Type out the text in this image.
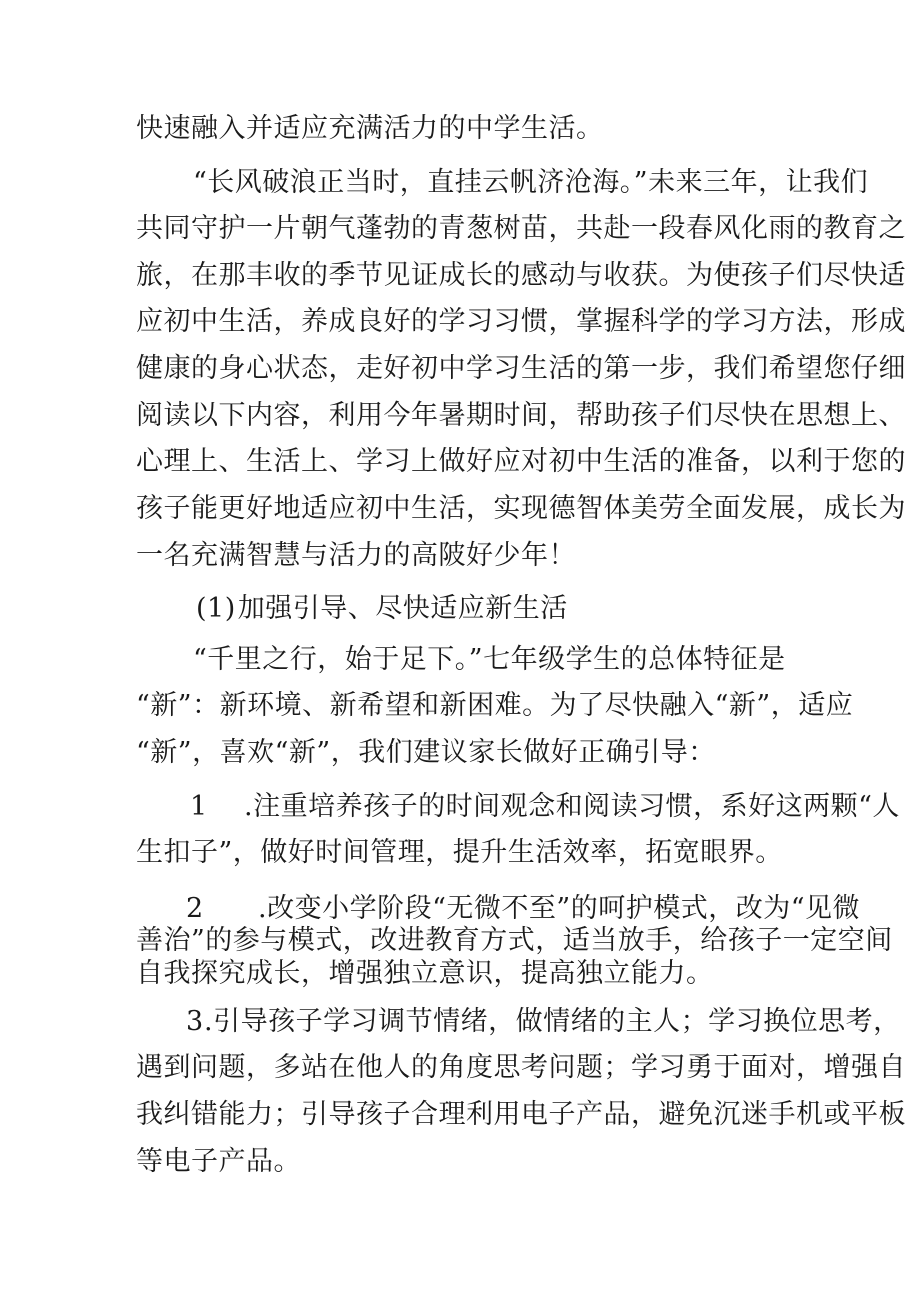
快速融入并适应充满活力的中学生活。
“长风破浪正当时，直挂云帆济沧海。”未来三年，让我们
共同守护一片朝气蓬勃的青葱树苗，共赴一段春风化雨的教育之
旅，在那丰收的季节见证成长的感动与收获。为使孩子们尽快适
应初中生活，养成良好的学习习惯，掌握科学的学习方法，形成
健康的身心状态，走好初中学习生活的第一步，我们希望您仔细
阅读以下内容，利用今年暑期时间，帮助孩子们尽快在思想上、
心理上、生活上、学习上做好应对初中生活的准备，以利于您的
孩子能更好地适应初中生活，实现德智体美劳全面发展，成长为
一名充满智慧与活力的高陂好少年！
(1)加强引导、尽快适应新生活
“千里之行，始于足下。”七年级学生的总体特征是
“新”：新环境、新希望和新困难。为了尽快融入“新”，适应
“新”，喜欢“新”，我们建议家长做好正确引导：
1 .注重培养孩子的时间观念和阅读习惯，系好这两颗“人
生扣子”，做好时间管理，提升生活效率，拓宽眼界。
2 .改变小学阶段“无微不至”的呵护模式，改为“见微
善治”的参与模式，改进教育方式，适当放手，给孩子一定空间
自我探究成长，增强独立意识，提高独立能力。
3.引导孩子学习调节情绪，做情绪的主人；学习换位思考，
遇到问题，多站在他人的角度思考问题；学习勇于面对，增强自
我纠错能力；引导孩子合理利用电子产品，避免沉迷手机或平板
等电子产品。
